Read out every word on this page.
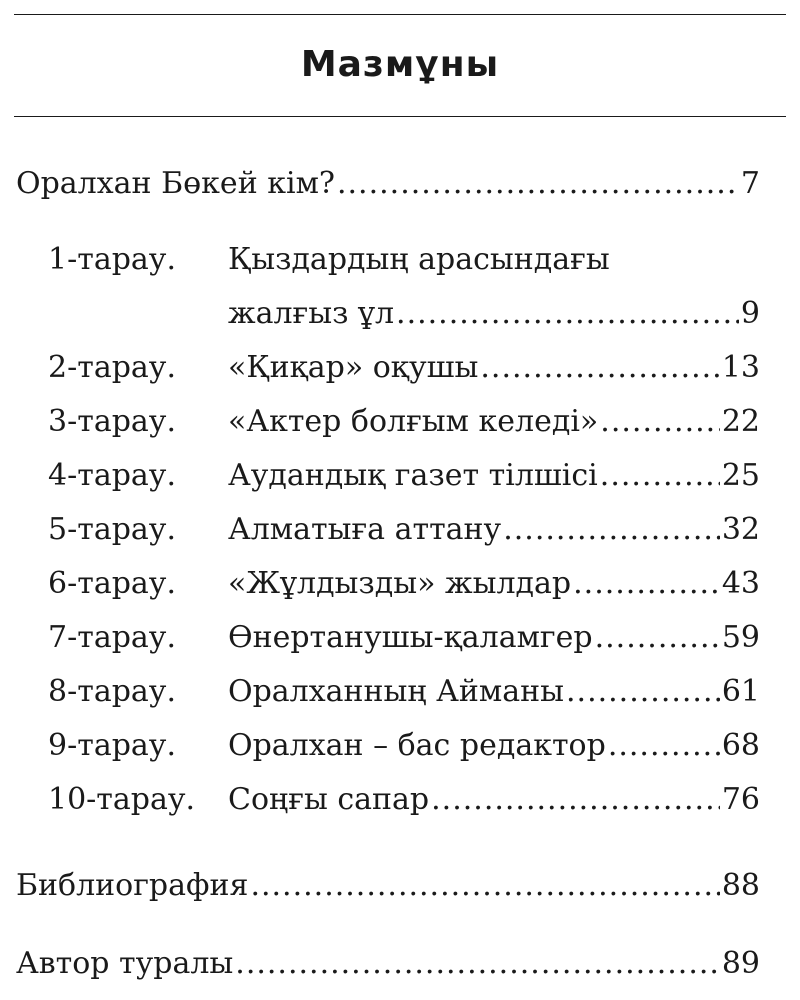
Мазмұны
Оралхан Бөкей кім? .....	7
1-тарау. Қыздардың арасындағы
жалғыз ұл .....	9
2-тарау. «Қиқар» оқушы .....	13
3-тарау. «Актер болғым келеді» .....	22
4-тарау. Аудандық газет тілшісі .....	25
5-тарау. Алматыға аттану .....	32
6-тарау. «Жұлдызды» жылдар .....	43
7-тарау. Өнертанушы-қаламгер .....	59
8-тарау. Оралханның Айманы .....	61
9-тарау. Оралхан – бас редактор .....	68
10-тарау. Соңғы сапар .....	76
Библиография .....	88
Автор туралы .....	89
